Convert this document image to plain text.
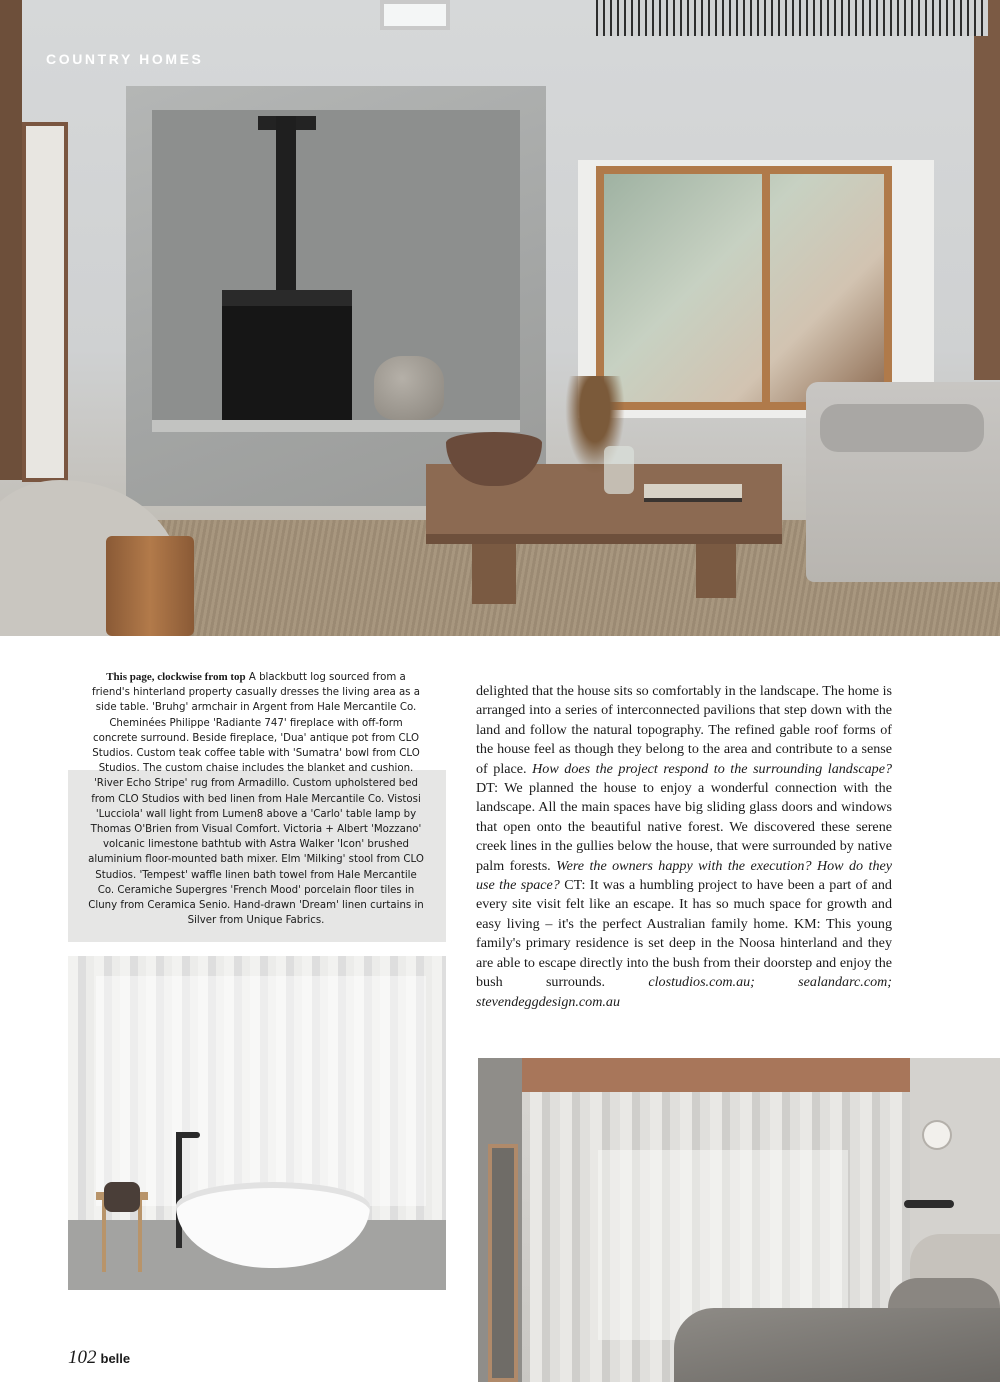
COUNTRY HOMES

This page, clockwise from top A blackbutt log sourced from a friend's hinterland property casually dresses the living area as a side table. 'Bruhg' armchair in Argent from Hale Mercantile Co. Cheminées Philippe 'Radiante 747' fireplace with off-form concrete surround. Beside fireplace, 'Dua' antique pot from CLO Studios. Custom teak coffee table with 'Sumatra' bowl from CLO Studios. The custom chaise includes the blanket and cushion. 'River Echo Stripe' rug from Armadillo. Custom upholstered bed from CLO Studios with bed linen from Hale Mercantile Co. Vistosi 'Lucciola' wall light from Lumen8 above a 'Carlo' table lamp by Thomas O'Brien from Visual Comfort. Victoria + Albert 'Mozzano' volcanic limestone bathtub with Astra Walker 'Icon' brushed aluminium floor-mounted bath mixer. Elm 'Milking' stool from CLO Studios. 'Tempest' waffle linen bath towel from Hale Mercantile Co. Ceramiche Supergres 'French Mood' porcelain floor tiles in Cluny from Ceramica Senio. Hand-drawn 'Dream' linen curtains in Silver from Unique Fabrics.

delighted that the house sits so comfortably in the landscape. The home is arranged into a series of interconnected pavilions that step down with the land and follow the natural topography. The refined gable roof forms of the house feel as though they belong to the area and contribute to a sense of place. How does the project respond to the surrounding landscape? DT: We planned the house to enjoy a wonderful connection with the landscape. All the main spaces have big sliding glass doors and windows that open onto the beautiful native forest. We discovered these serene creek lines in the gullies below the house, that were surrounded by native palm forests. Were the owners happy with the execution? How do they use the space? CT: It was a humbling project to have been a part of and every site visit felt like an escape. It has so much space for growth and easy living – it's the perfect Australian family home. KM: This young family's primary residence is set deep in the Noosa hinterland and they are able to escape directly into the bush from their doorstep and enjoy the bush surrounds. clostudios.com.au; sealandarc.com; stevendeggdesign.com.au

102 belle
